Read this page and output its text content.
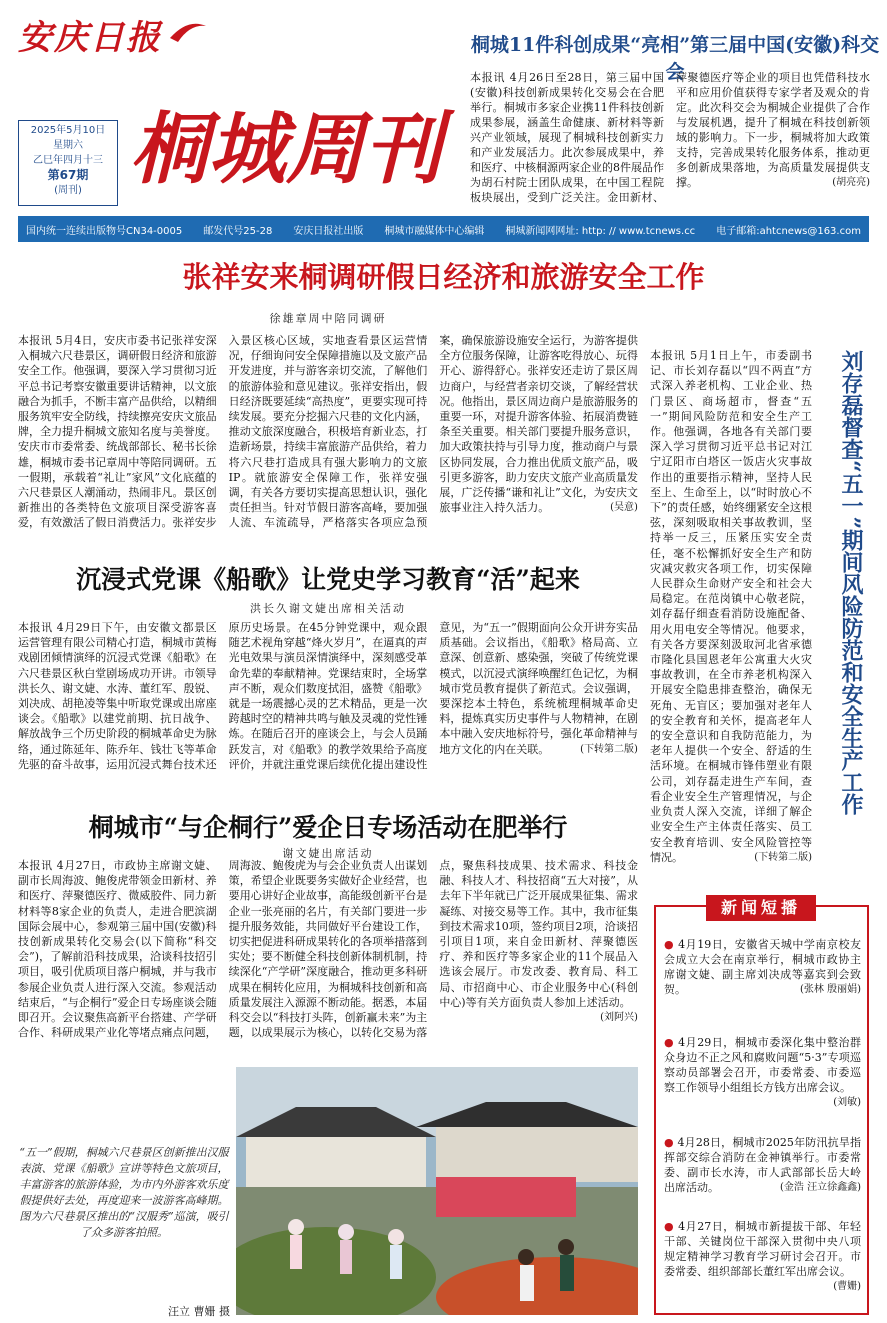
安庆日报
2025年5月10日
星期六
乙巳年四月十三
第67期
(周刊) 桐城周刊
桐城11件科创成果“亮相”第三届中国(安徽)科交会
本报讯 4月26日至28日，第三届中国(安徽)科技创新成果转化交易会在合肥举行。桐城市多家企业携11件科技创新成果参展，涵盖生命健康、新材料等新兴产业领域，展现了桐城科技创新实力和产业发展活力。此次参展成果中，养和医疗、中核桐源两家企业的8件展品作为胡石村院士团队成果，在中国工程院板块展出，受到广泛关注。金田新材、萍聚德医疗等企业的项目也凭借科技水平和应用价值获得专家学者及观众的肯定。此次科交会为桐城企业提供了合作与发展机遇，提升了桐城在科技创新领域的影响力。下一步，桐城将加大政策支持，完善成果转化服务体系，推动更多创新成果落地，为高质量发展提供支撑。	(胡亮亮)
国内统一连续出版物号CN34-0005 邮发代号25-28 安庆日报社出版 桐城市融媒体中心编辑 桐城新闻网网址: http: // www.tcnews.cc 电子邮箱:ahtcnews@163.com
张祥安来桐调研假日经济和旅游安全工作
徐雄章周中陪同调研
本报讯 5月4日，安庆市委书记张祥安深入桐城六尺巷景区，调研假日经济和旅游安全工作。他强调，要深入学习贯彻习近平总书记考察安徽重要讲话精神，以文旅融合为抓手，不断丰富产品供给，以精细服务筑牢安全防线，持续擦亮安庆文旅品牌，全力提升桐城文旅知名度与美誉度。安庆市市委常委、统战部部长、秘书长徐雄，桐城市委书记章周中等陪同调研。五一假期，承载着“礼让”家风”文化底蕴的六尺巷景区人潮涌动，热闹非凡。景区创新推出的各类特色文旅项目深受游客喜爱，有效激活了假日消费活力。张祥安步入景区核心区域，实地查看景区运营情况，仔细询问安全保障措施以及文旅产品开发进度，并与游客亲切交流，了解他们的旅游体验和意见建议。张祥安指出，假日经济既要延续“高热度”，更要实现可持续发展。要充分挖掘六尺巷的文化内涵，推动文旅深度融合，积极培育新业态，打造新场景，持续丰富旅游产品供给，着力将六尺巷打造成具有强大影响力的文旅IP。就旅游安全保障工作，张祥安强调，有关各方要切实提高思想认识，强化责任担当。针对节假日游客高峰，要加强人流、车流疏导，严格落实各项应急预案，确保旅游设施安全运行，为游客提供全方位服务保障，让游客吃得放心、玩得开心、游得舒心。张祥安还走访了景区周边商户，与经营者亲切交谈，了解经营状况。他指出，景区周边商户是旅游服务的重要一环，对提升游客体验、拓展消费链条至关重要。相关部门要提升服务意识，加大政策扶持与引导力度，推动商户与景区协同发展，合力推出优质文旅产品，吸引更多游客，助力安庆文旅产业高质量发展，广泛传播“谦和礼让”文化，为安庆文旅事业注入持久活力。	(吴意)
沉浸式党课《船歌》让党史学习教育“活”起来
洪长久谢文婕出席相关活动
本报讯 4月29日下午，由安徽文都景区运营管理有限公司精心打造，桐城市黄梅戏剧团倾情演绎的沉浸式党课《船歌》在六尺巷景区秋白堂剧场成功开讲。市领导洪长久、谢文婕、水涛、董红军、殷锐、刘决成、胡艳凌等集中听取党课或出席座谈会。《船歌》以建党前期、抗日战争、解放战争三个历史阶段的桐城革命史为脉络，通过陈延年、陈乔年、钱壮飞等革命先驱的奋斗故事，运用沉浸式舞台技术还原历史场景。在45分钟党课中，观众跟随艺术视角穿越“烽火岁月”，在逼真的声光电效果与演员深情演绎中，深刻感受革命先辈的奉献精神。党课结束时，全场掌声不断，观众们数度拭泪，盛赞《船歌》就是一场震撼心灵的艺术精品，更是一次跨越时空的精神共鸣与触及灵魂的党性锤炼。在随后召开的座谈会上，与会人员踊跃发言，对《船歌》的教学效果给予高度评价，并就注重党课后续优化提出建设性意见，为“五一”假期面向公众开讲夯实品质基础。会议指出，《船歌》格局高、立意深、创意新、感染强，突破了传统党课模式，以沉浸式演绎唤醒红色记忆，为桐城市党员教育提供了新范式。会议强调，要深挖本土特色，系统梳理桐城革命史料，提炼真实历史事件与人物精神，在剧本中融入安庆地标符号，强化革命精神与地方文化的内在关联。	(下转第二版)
桐城市“与企桐行”爱企日专场活动在肥举行
谢文婕出席活动
本报讯 4月27日，市政协主席谢文婕、副市长周海波、鲍俊虎带领金田新材、养和医疗、萍聚德医疗、微威胶件、同力新材料等8家企业的负责人，走进合肥滨湖国际会展中心，参观第三届中国(安徽)科技创新成果转化交易会(以下简称“科交会”)，了解前沿科技成果，洽谈科技招引项目，吸引优质项目落户桐城，并与我市参展企业负责人进行深入交流。参观活动结束后，“与企桐行”爱企日专场座谈会随即召开。会议聚焦高新平台搭建、产学研合作、科研成果产业化等堵点痛点问题，周海波、鲍俊虎为与会企业负责人出谋划策，希望企业既要务实做好企业经营，也要用心讲好企业故事，高能级创新平台是企业一张亮丽的名片，有关部门要进一步提升服务效能，共同做好平台建设工作，切实把促进科研成果转化的各项举措落到实处；要不断健全科技创新体制机制，持续深化“产学研”深度融合，推动更多科研成果在桐转化应用，为桐城科技创新和高质量发展注入源源不断动能。据悉，本届科交会以“科技打头阵，创新赢未来”为主题，以成果展示为核心，以转化交易为落点，聚焦科技成果、技术需求、科技金融、科技人才、科技招商“五大对接”，从去年下半年就已广泛开展成果征集、需求凝练、对接交易等工作。其中，我市征集到技术需求10项，签约项目2项，洽谈招引项目1项，来自金田新材、萍聚德医疗、养和医疗等多家企业的11个展品入选该会展厅。市发改委、教育局、科工局、市招商中心、市企业服务中心(科创中心)等有关方面负责人参加上述活动。
(刘阿兴)
刘存磊督查“五一”期间风险防范和安全生产工作
本报讯 5月1日上午，市委副书记、市长刘存磊以“四不两直”方式深入养老机构、工业企业、热门景区、商场超市，督查“五一”期间风险防范和安全生产工作。他强调，各地各有关部门要深入学习贯彻习近平总书记对江宁辽阳市白塔区一饭店火灾事故作出的重要指示精神，坚持人民至上、生命至上，以“时时放心不下”的责任感，始终绷紧安全这根弦，深刻吸取相关事故教训，坚持举一反三，压紧压实安全责任，毫不松懈抓好安全生产和防灾减灾救灾各项工作，切实保障人民群众生命财产安全和社会大局稳定。在范岗镇中心敬老院，刘存磊仔细查看消防设施配备、用火用电安全等情况。他要求，有关各方要深刻汲取河北省承德市隆化县国恩老年公寓重大火灾事故教训，在全市养老机构深入开展安全隐患排查整治，确保无死角、无盲区；要加强对老年人的安全教育和关怀，提高老年人的安全意识和自我防范能力，为老年人提供一个安全、舒适的生活环境。在桐城市锋伟塑业有限公司，刘存磊走进生产车间，查看企业安全生产管理情况，与企业负责人深入交流，详细了解企业安全生产主体责任落实、员工安全教育培训、安全风险管控等情况。	(下转第二版)
新闻短播
● 4月19日，安徽省天城中学南京校友会成立大会在南京举行，桐城市政协主席谢文婕、副主席刘决成等嘉宾到会致贺。	(张林 殷丽娟)
● 4月29日，桐城市委深化集中整治群众身边不正之风和腐败问题“5·3”专项巡察动员部署会召开，市委常委、市委巡察工作领导小组组长方钱方出席会议。
(刘敏)
● 4月28日，桐城市2025年防汛抗旱指挥部交综合消防在金神镇举行。市委常委、副市长水涛，市人武部部长岳大岭出席活动。	(金浩 汪立徐鑫鑫)
● 4月27日，桐城市新提拔干部、年轻干部、关键岗位干部深入贯彻中央八项规定精神学习教育学习研讨会召开。市委常委、组织部部长董红军出席会议。
(曹姗)
“五一”假期，桐城六尺巷景区创新推出汉服表演、党课《船歌》宣讲等特色文旅项目，丰富游客的旅游体验，为市内外游客欢乐度假提供好去处，再度迎来一波游客高峰期。图为六尺巷景区推出的“汉服秀”巡演，吸引了众多游客拍照。
汪立 曹姗 摄
